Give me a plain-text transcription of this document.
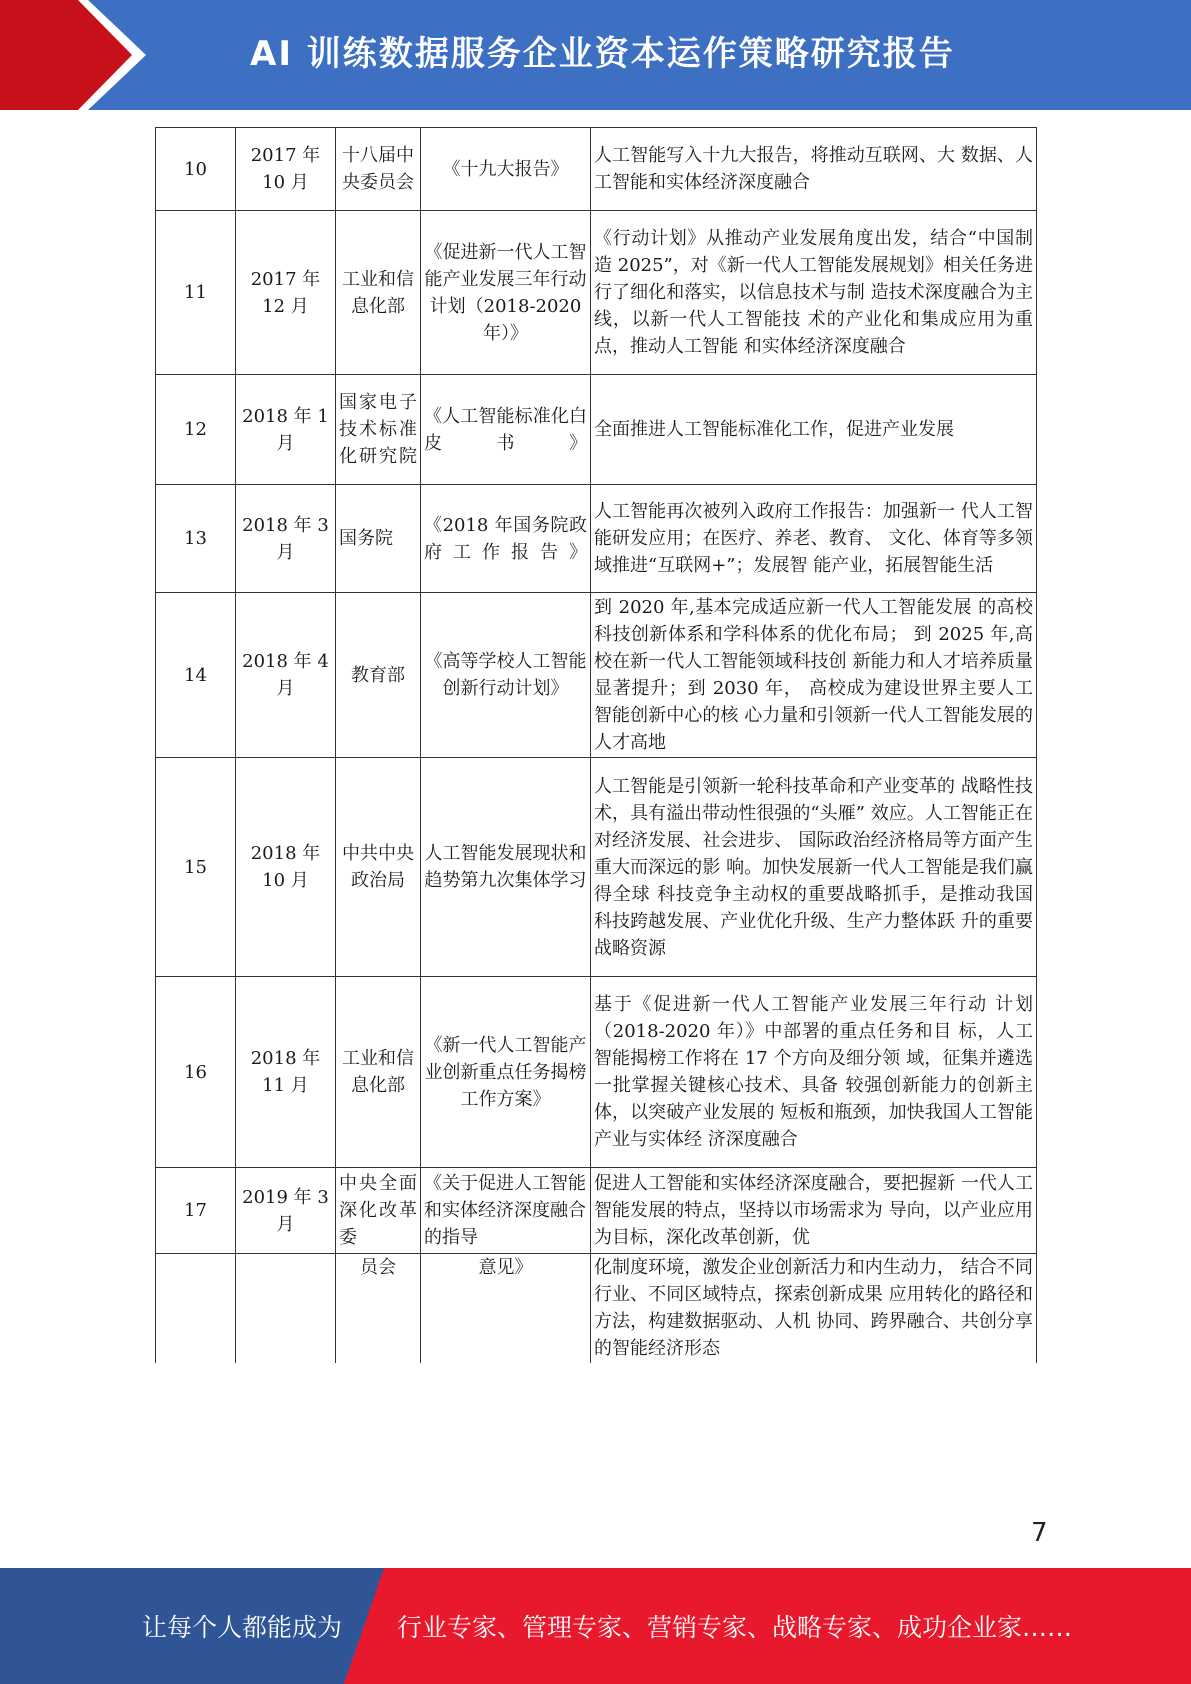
AI 训练数据服务企业资本运作策略研究报告
10	2017 年 10 月	十八届中央委员会	《十九大报告》	人工智能写入十九大报告，将推动互联网、大 数据、人工智能和实体经济深度融合
11	2017 年 12 月	工业和信息化部	《促进新一代人工智能产业发展三年行动计划（2018-2020 年）》	《行动计划》从推动产业发展角度出发，结合“中国制造 2025”，对《新一代人工智能发展规划》相关任务进行了细化和落实，以信息技术与制 造技术深度融合为主线，以新一代人工智能技 术的产业化和集成应用为重点，推动人工智能 和实体经济深度融合
12	2018 年 1 月	国家电子技术标准化研究院	《人工智能标准化白皮书》	全面推进人工智能标准化工作，促进产业发展
13	2018 年 3 月	国务院	《2018 年国务院政府工作报告》	人工智能再次被列入政府工作报告：加强新一 代人工智能研发应用；在医疗、养老、教育、 文化、体育等多领域推进“互联网+”；发展智 能产业，拓展智能生活
14	2018 年 4 月	教育部	《高等学校人工智能创新行动计划》	到 2020 年,基本完成适应新一代人工智能发展 的高校科技创新体系和学科体系的优化布局； 到 2025 年,高校在新一代人工智能领域科技创 新能力和人才培养质量显著提升；到 2030 年， 高校成为建设世界主要人工智能创新中心的核 心力量和引领新一代人工智能发展的人才高地
15	2018 年 10 月	中共中央政治局	人工智能发展现状和趋势第九次集体学习	人工智能是引领新一轮科技革命和产业变革的 战略性技术，具有溢出带动性很强的“头雁” 效应。人工智能正在对经济发展、社会进步、 国际政治经济格局等方面产生重大而深远的影 响。加快发展新一代人工智能是我们赢得全球 科技竞争主动权的重要战略抓手，是推动我国 科技跨越发展、产业优化升级、生产力整体跃 升的重要战略资源
16	2018 年 11 月	工业和信息化部	《新一代人工智能产业创新重点任务揭榜工作方案》	基于《促进新一代人工智能产业发展三年行动 计划（2018-2020 年）》中部署的重点任务和目 标，人工智能揭榜工作将在 17 个方向及细分领 域，征集并遴选一批掌握关键核心技术、具备 较强创新能力的创新主体，以突破产业发展的 短板和瓶颈，加快我国人工智能产业与实体经 济深度融合
17	2019 年 3 月	中央全面深化改革委	《关于促进人工智能和实体经济深度融合的指导	促进人工智能和实体经济深度融合，要把握新 一代人工智能发展的特点，坚持以市场需求为 导向，以产业应用为目标，深化改革创新，优
		员会	意见》	化制度环境，激发企业创新活力和内生动力， 结合不同行业、不同区域特点，探索创新成果 应用转化的路径和方法，构建数据驱动、人机 协同、跨界融合、共创分享的智能经济形态
7
让每个人都能成为 行业专家、管理专家、营销专家、战略专家、成功企业家……
